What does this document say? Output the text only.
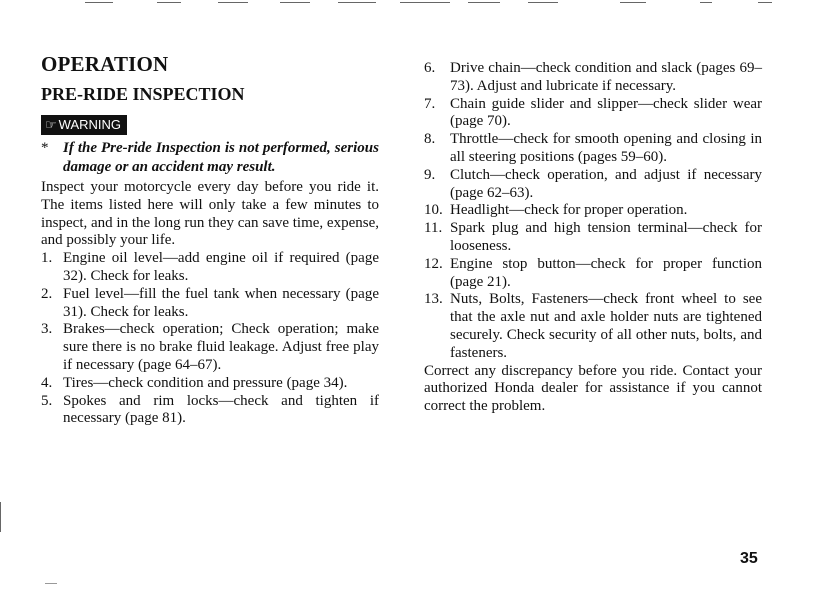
OPERATION
PRE-RIDE INSPECTION
☞ WARNING
* If the Pre-ride Inspection is not performed, serious damage or an accident may result.

Inspect your motorcycle every day before you ride it. The items listed here will only take a few minutes to inspect, and in the long run they can save time, expense, and possibly your life.

1. Engine oil level—add engine oil if required (page 32). Check for leaks.
2. Fuel level—fill the fuel tank when necessary (page 31). Check for leaks.
3. Brakes—check operation; Check operation; make sure there is no brake fluid leakage. Adjust free play if necessary (page 64–67).
4. Tires—check condition and pressure (page 34).
5. Spokes and rim locks—check and tighten if necessary (page 81).
6. Drive chain—check condition and slack (pages 69–73). Adjust and lubricate if necessary.
7. Chain guide slider and slipper—check slider wear (page 70).
8. Throttle—check for smooth opening and closing in all steering positions (pages 59–60).
9. Clutch—check operation, and adjust if necessary (page 62–63).
10. Headlight—check for proper operation.
11. Spark plug and high tension terminal—check for looseness.
12. Engine stop button—check for proper function (page 21).
13. Nuts, Bolts, Fasteners—check front wheel to see that the axle nut and axle holder nuts are tightened securely. Check security of all other nuts, bolts, and fasteners.

Correct any discrepancy before you ride. Contact your authorized Honda dealer for assistance if you cannot correct the problem.

35
